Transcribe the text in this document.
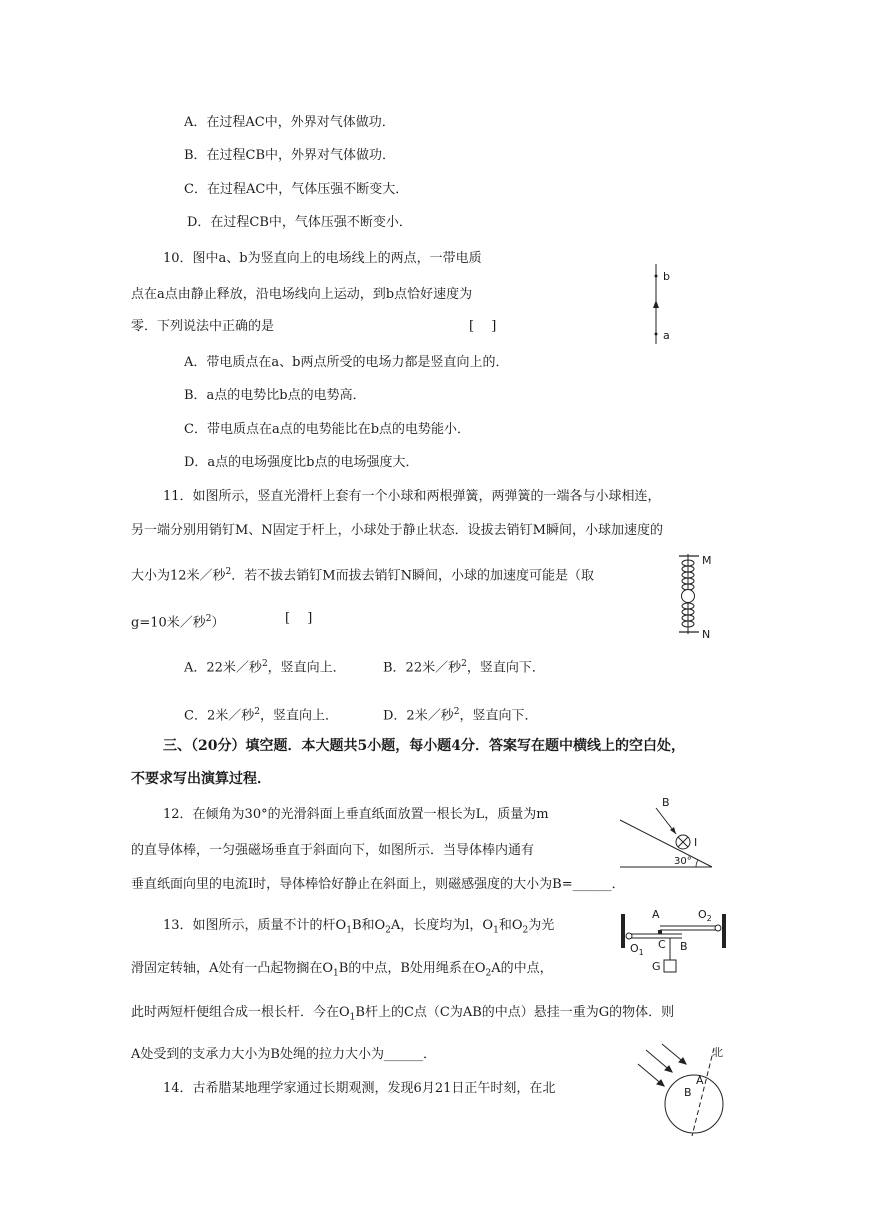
A．在过程AC中，外界对气体做功．
B．在过程CB中，外界对气体做功．
C．在过程AC中，气体压强不断变大．
D．在过程CB中，气体压强不断变小．
10．图中a、b为竖直向上的电场线上的两点，一带电质
点在a点由静止释放，沿电场线向上运动，到b点恰好速度为
零．下列说法中正确的是	[　 ]
A．带电质点在a、b两点所受的电场力都是竖直向上的．
B．a点的电势比b点的电势高．
C．带电质点在a点的电势能比在b点的电势能小．
D．a点的电场强度比b点的电场强度大．
b
a
11．如图所示，竖直光滑杆上套有一个小球和两根弹簧，两弹簧的一端各与小球相连，
另一端分别用销钉M、N固定于杆上，小球处于静止状态．设拔去销钉M瞬间，小球加速度的
大小为12米／秒$^2$．若不拔去销钉M而拔去销钉N瞬间，小球的加速度可能是（取
g=10米／秒$^2$）	[　 ]
A．22米／秒$^2$，竖直向上．	B．22米／秒$^2$，竖直向下．
C．2米／秒$^2$，竖直向上．	D．2米／秒$^2$，竖直向下．
M
N
三、（20分）填空题．本大题共5小题，每小题4分．答案写在题中横线上的空白处，
不要求写出演算过程．
12．在倾角为30°的光滑斜面上垂直纸面放置一根长为L，质量为m
的直导体棒，一匀强磁场垂直于斜面向下，如图所示．当导体棒内通有
垂直纸面向里的电流I时，导体棒恰好静止在斜面上，则磁感强度的大小为B=______．
B
I
30°
13．如图所示，质量不计的杆$O_1B$和$O_2A$，长度均为l，$O_1$和$O_2$为光
滑固定转轴，A处有一凸起物搁在$O_1B$的中点，B处用绳系在$O_2A$的中点，
此时两短杆便组合成一根长杆．今在$O_1B$杆上的C点（C为AB的中点）悬挂一重为G的物体．则
A处受到的支承力大小为B处绳的拉力大小为______．
A	$O_2$
$O_1$
C B
G
14．古希腊某地理学家通过长期观测，发现6月21日正午时刻，在北
北
A
B
